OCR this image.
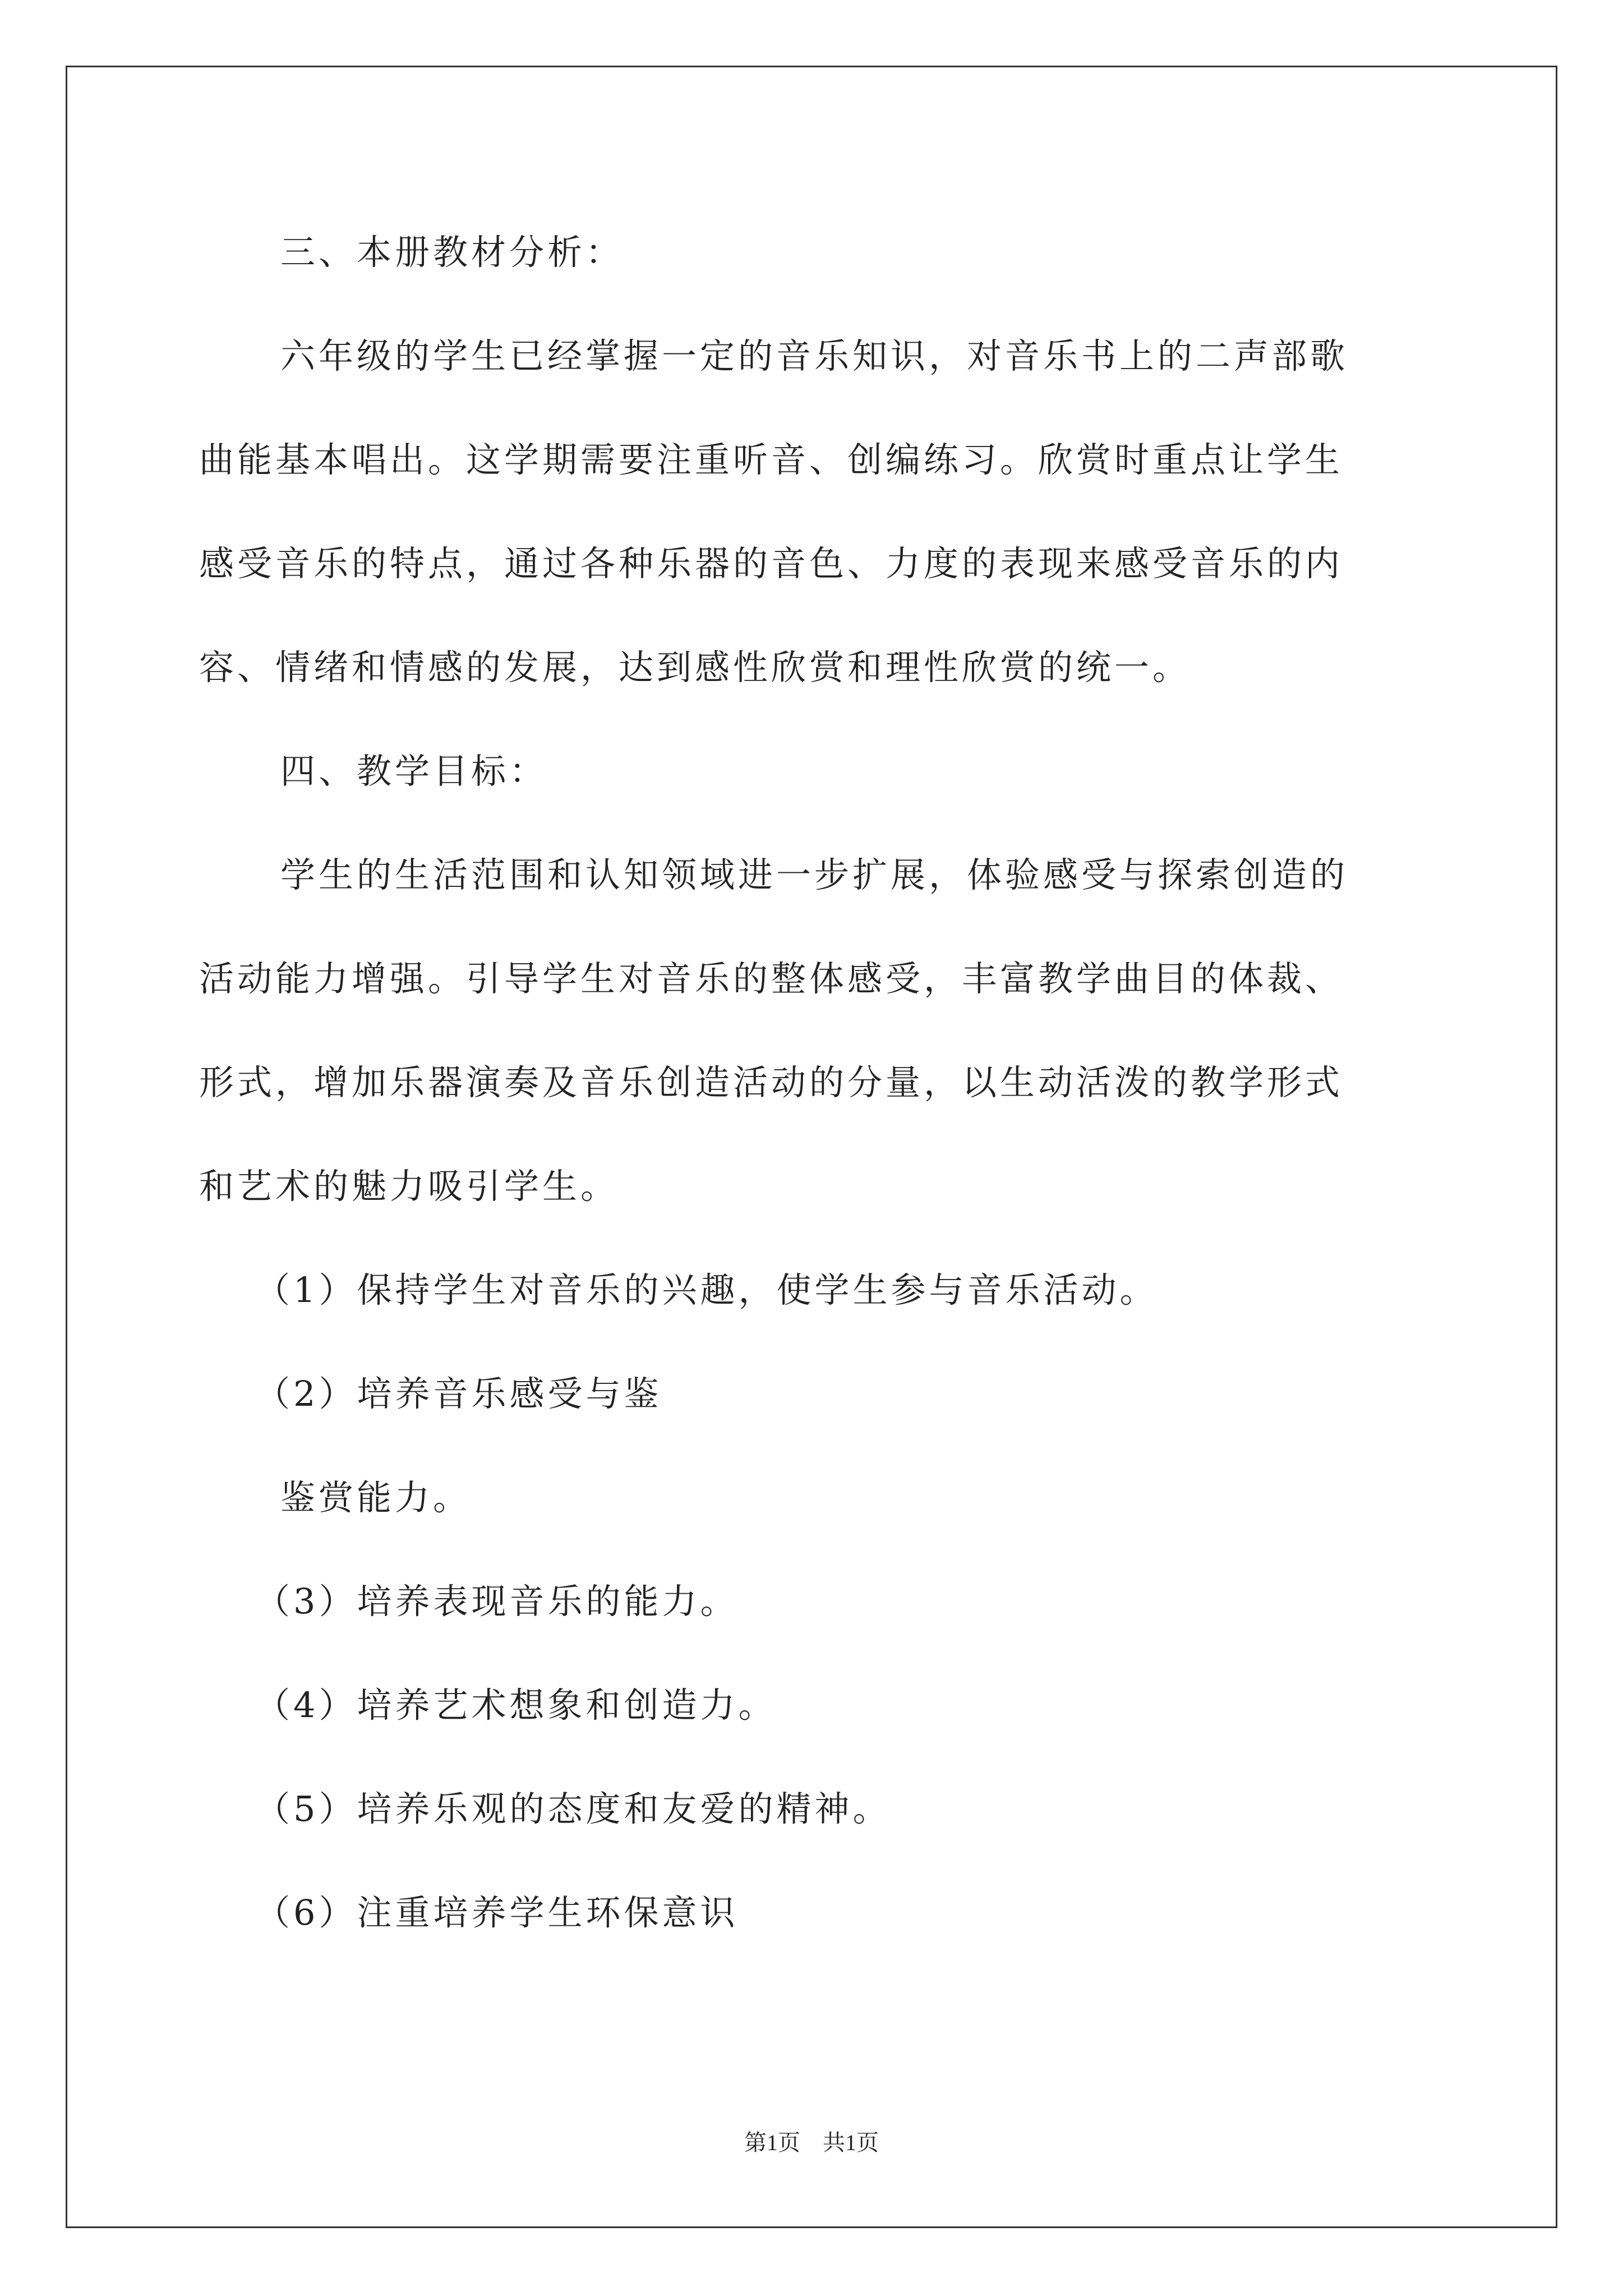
三、本册教材分析：
六年级的学生已经掌握一定的音乐知识，对音乐书上的二声部歌
曲能基本唱出。这学期需要注重听音、创编练习。欣赏时重点让学生
感受音乐的特点，通过各种乐器的音色、力度的表现来感受音乐的内
容、情绪和情感的发展，达到感性欣赏和理性欣赏的统一。
四、教学目标：
学生的生活范围和认知领域进一步扩展，体验感受与探索创造的
活动能力增强。引导学生对音乐的整体感受，丰富教学曲目的体裁、
形式，增加乐器演奏及音乐创造活动的分量，以生动活泼的教学形式
和艺术的魅力吸引学生。
（1）保持学生对音乐的兴趣，使学生参与音乐活动。
（2）培养音乐感受与鉴
鉴赏能力。
（3）培养表现音乐的能力。
（4）培养艺术想象和创造力。
（5）培养乐观的态度和友爱的精神。
（6）注重培养学生环保意识
第1页　共1页
